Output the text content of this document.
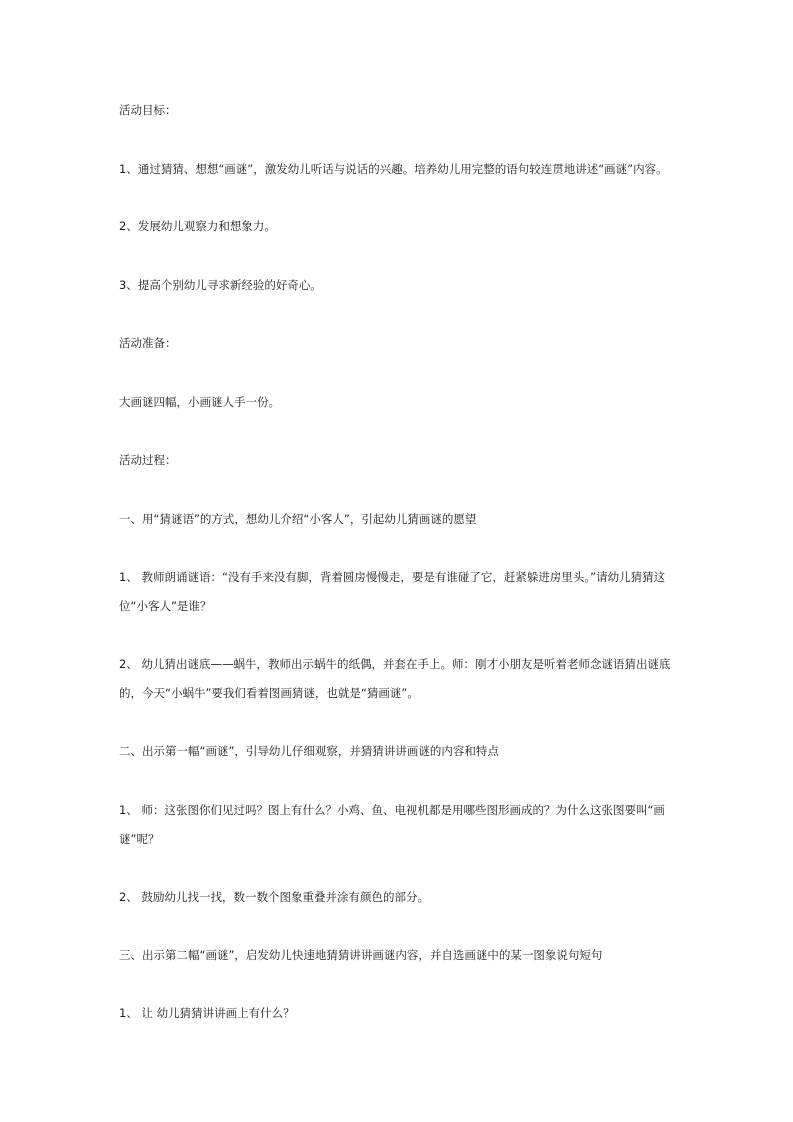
活动目标：
1、通过猜猜、想想“画谜”，激发幼儿听话与说话的兴趣。培养幼儿用完整的语句较连贯地讲述“画谜”内容。
2、发展幼儿观察力和想象力。
3、提高个别幼儿寻求新经验的好奇心。
活动准备：
大画谜四幅，小画谜人手一份。
活动过程：
一、用“猜谜语”的方式，想幼儿介绍“小客人”，引起幼儿猜画谜的愿望
1、 教师朗诵谜语：“没有手来没有脚，背着圆房慢慢走，要是有谁碰了它，赶紧躲进房里头。”请幼儿猜猜这位“小客人”是谁？
2、 幼儿猜出谜底——蜗牛，教师出示蜗牛的纸偶，并套在手上。师：刚才小朋友是听着老师念谜语猜出谜底的，今天“小蜗牛”要我们看着图画猜谜，也就是“猜画谜”。
二、出示第一幅“画谜”，引导幼儿仔细观察，并猜猜讲讲画谜的内容和特点
1、 师：这张图你们见过吗？图上有什么？小鸡、鱼、电视机都是用哪些图形画成的？为什么这张图要叫“画谜”呢？
2、 鼓励幼儿找一找，数一数个图象重叠并涂有颜色的部分。
三、出示第二幅“画谜”，启发幼儿快速地猜猜讲讲画谜内容，并自选画谜中的某一图象说句短句
1、 让 幼儿猜猜讲讲画上有什么？
